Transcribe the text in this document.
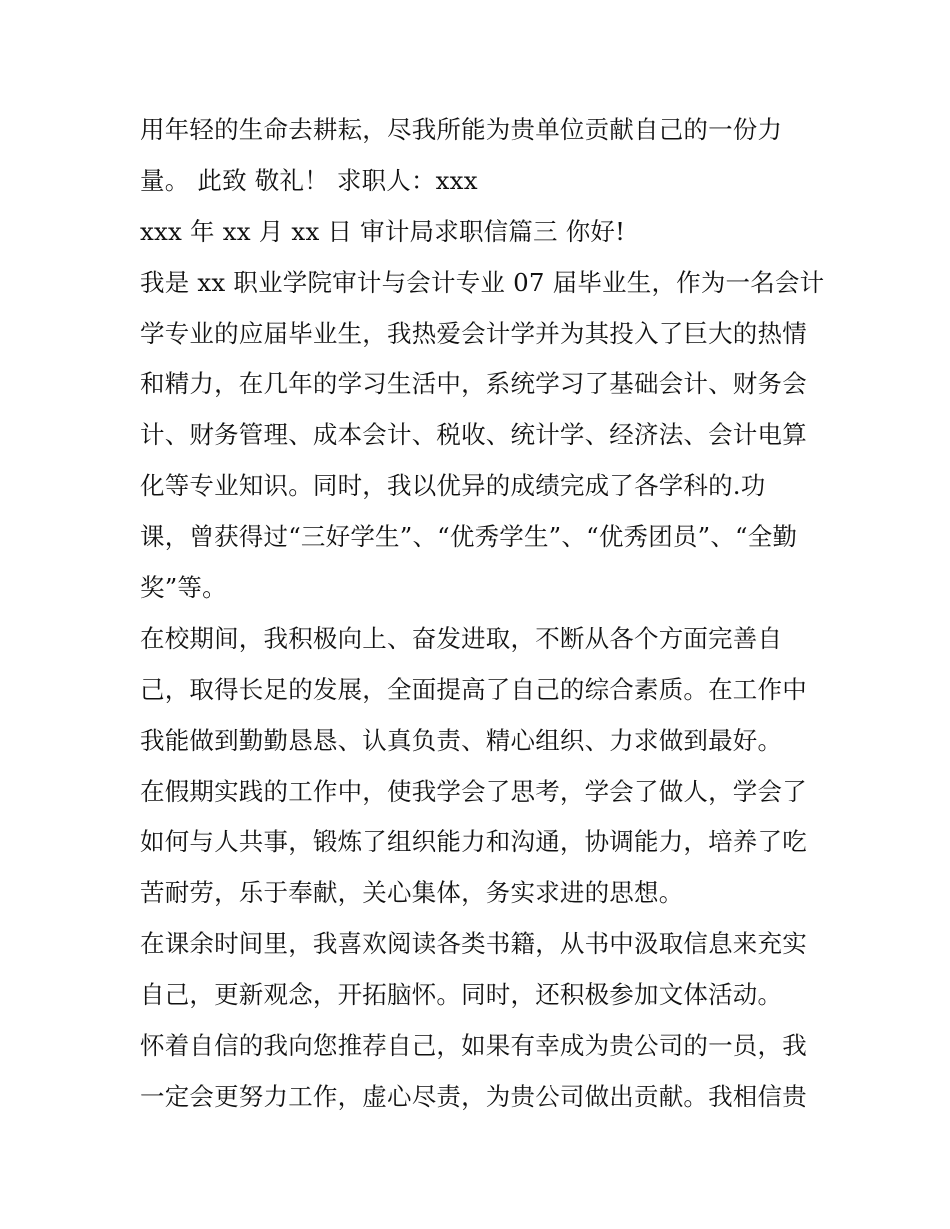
用年轻的生命去耕耘，尽我所能为贵单位贡献自己的一份力
量。 此致 敬礼！ 求职人：xxx
xxx 年 xx 月 xx 日 审计局求职信篇三 你好!
我是 xx 职业学院审计与会计专业 07 届毕业生，作为一名会计
学专业的应届毕业生，我热爱会计学并为其投入了巨大的热情
和精力，在几年的学习生活中，系统学习了基础会计、财务会
计、财务管理、成本会计、税收、统计学、经济法、会计电算
化等专业知识。同时，我以优异的成绩完成了各学科的.功
课，曾获得过“三好学生”、“优秀学生”、“优秀团员”、“全勤
奖”等。
在校期间，我积极向上、奋发进取，不断从各个方面完善自
己，取得长足的发展，全面提高了自己的综合素质。在工作中
我能做到勤勤恳恳、认真负责、精心组织、力求做到最好。
在假期实践的工作中，使我学会了思考，学会了做人，学会了
如何与人共事，锻炼了组织能力和沟通，协调能力，培养了吃
苦耐劳，乐于奉献，关心集体，务实求进的思想。
在课余时间里，我喜欢阅读各类书籍，从书中汲取信息来充实
自己，更新观念，开拓脑怀。同时，还积极参加文体活动。
怀着自信的我向您推荐自己，如果有幸成为贵公司的一员，我
一定会更努力工作，虚心尽责，为贵公司做出贡献。我相信贵
